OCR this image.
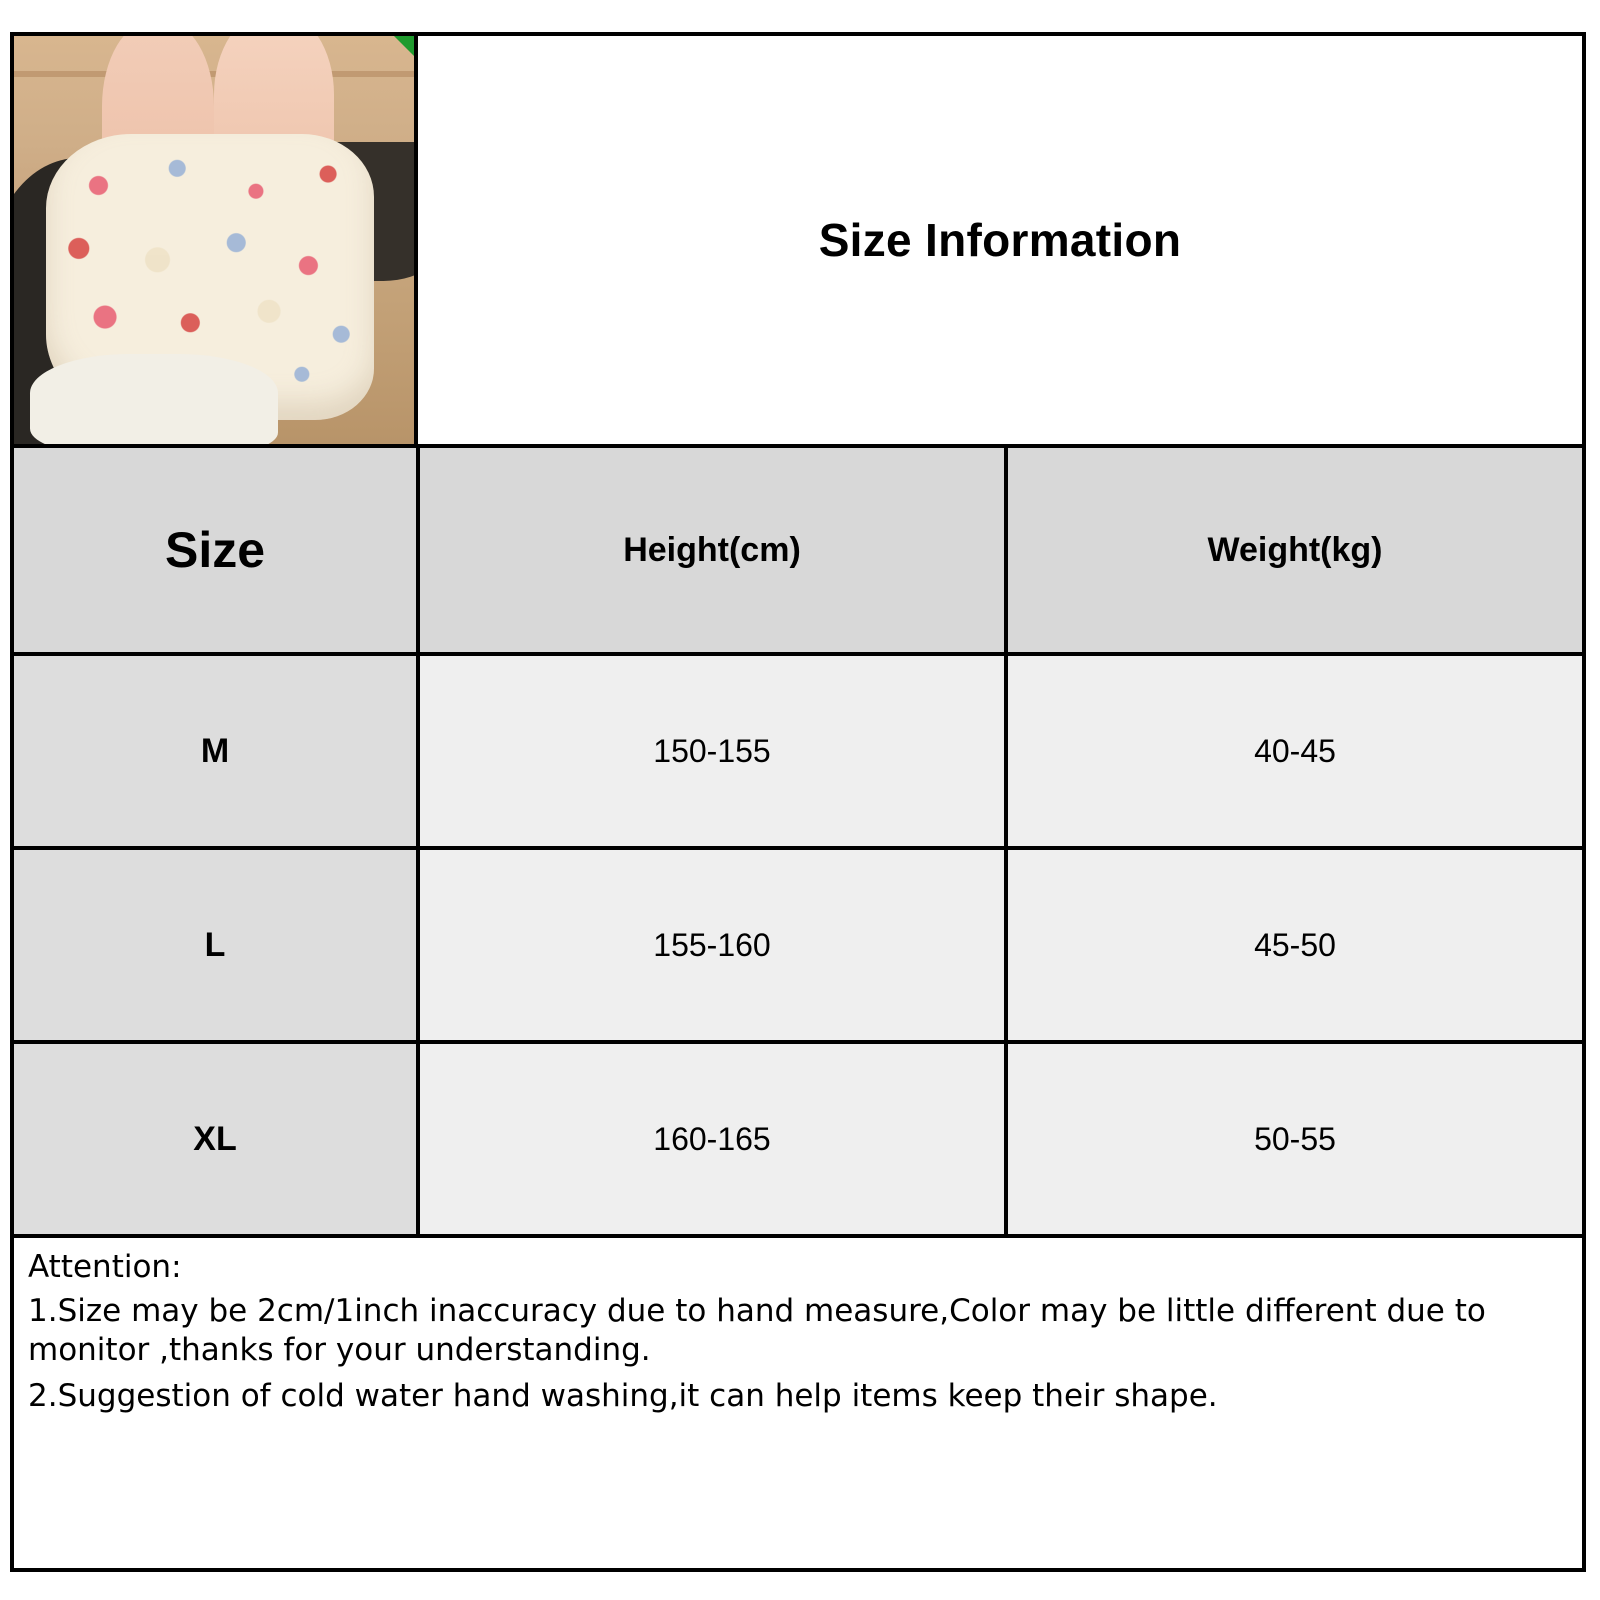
Size Information
Size	Height(cm)	Weight(kg)
M	150-155	40-45
L	155-160	45-50
XL	160-165	50-55

Attention:

1.Size may be 2cm/1inch inaccuracy due to hand measure,Color may be little different due to monitor ,thanks for your understanding.

2.Suggestion of cold water hand washing,it can help items keep their shape.
